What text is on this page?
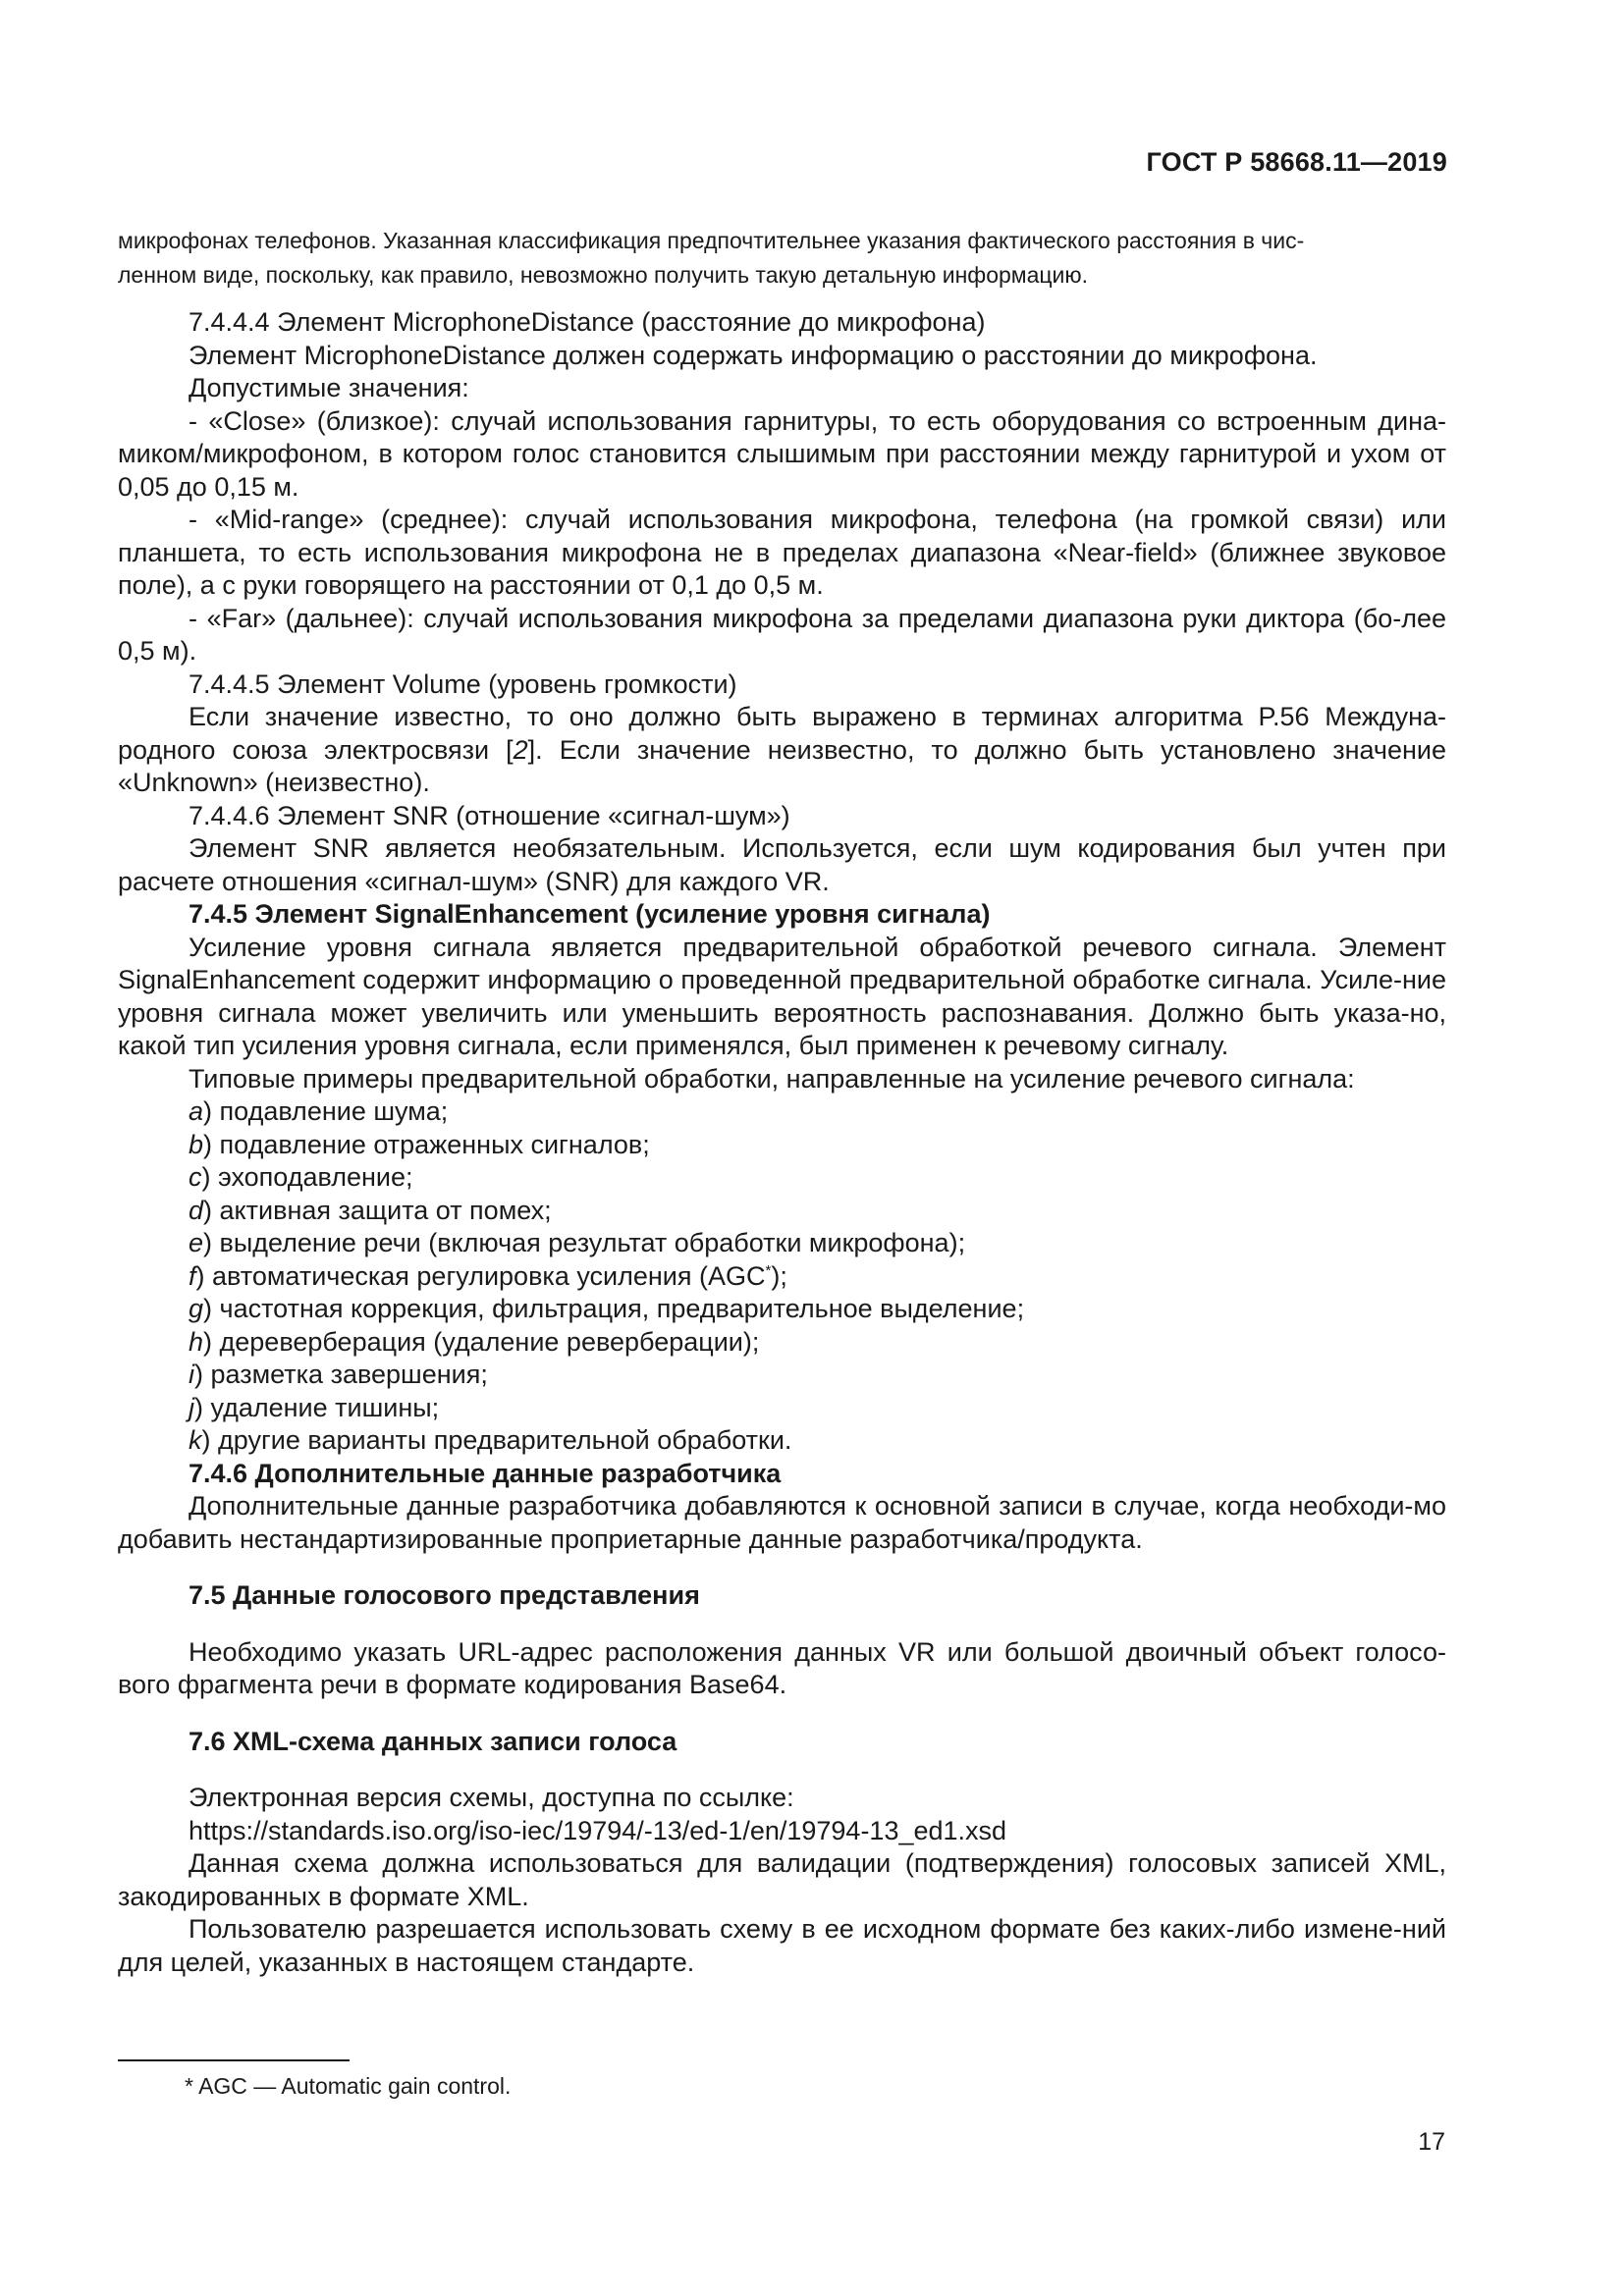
ГОСТ Р 58668.11—2019
микрофонах телефонов. Указанная классификация предпочтительнее указания фактического расстояния в чис-
ленном виде, поскольку, как правило, невозможно получить такую детальную информацию.

7.4.4.4 Элемент MicrophoneDistance (расстояние до микрофона)

Элемент MicrophoneDistance должен содержать информацию о расстоянии до микрофона.

Допустимые значения:

- «Close» (близкое): случай использования гарнитуры, то есть оборудования со встроенным дина-миком/микрофоном, в котором голос становится слышимым при расстоянии между гарнитурой и ухом от 0,05 до 0,15 м.

- «Mid-range» (среднее): случай использования микрофона, телефона (на громкой связи) или планшета, то есть использования микрофона не в пределах диапазона «Near-field» (ближнее звуковое поле), а с руки говорящего на расстоянии от 0,1 до 0,5 м.

- «Far» (дальнее): случай использования микрофона за пределами диапазона руки диктора (бо-лее 0,5 м).

7.4.4.5 Элемент Volume (уровень громкости)

Если значение известно, то оно должно быть выражено в терминах алгоритма P.56 Междуна-родного союза электросвязи [2]. Если значение неизвестно, то должно быть установлено значение «Unknown» (неизвестно).

7.4.4.6 Элемент SNR (отношение «сигнал-шум»)

Элемент SNR является необязательным. Используется, если шум кодирования был учтен при расчете отношения «сигнал-шум» (SNR) для каждого VR.

7.4.5 Элемент SignalEnhancement (усиление уровня сигнала)

Усиление уровня сигнала является предварительной обработкой речевого сигнала. Элемент SignalEnhancement содержит информацию о проведенной предварительной обработке сигнала. Усиле-ние уровня сигнала может увеличить или уменьшить вероятность распознавания. Должно быть указа-но, какой тип усиления уровня сигнала, если применялся, был применен к речевому сигналу.

Типовые примеры предварительной обработки, направленные на усиление речевого сигнала:

a) подавление шума;

b) подавление отраженных сигналов;

c) эхоподавление;

d) активная защита от помех;

e) выделение речи (включая результат обработки микрофона);

f) автоматическая регулировка усиления (AGC*);

g) частотная коррекция, фильтрация, предварительное выделение;

h) дереверберация (удаление реверберации);

i) разметка завершения;

j) удаление тишины;

k) другие варианты предварительной обработки.

7.4.6 Дополнительные данные разработчика

Дополнительные данные разработчика добавляются к основной записи в случае, когда необходи-мо добавить нестандартизированные проприетарные данные разработчика/продукта.

7.5 Данные голосового представления

Необходимо указать URL-адрес расположения данных VR или большой двоичный объект голосо-вого фрагмента речи в формате кодирования Base64.

7.6 XML-схема данных записи голоса

Электронная версия схемы, доступна по ссылке:

https://standards.iso.org/iso-iec/19794/-13/ed-1/en/19794-13_ed1.xsd

Данная схема должна использоваться для валидации (подтверждения) голосовых записей XML, закодированных в формате XML.

Пользователю разрешается использовать схему в ее исходном формате без каких-либо измене-ний для целей, указанных в настоящем стандарте.

* AGC — Automatic gain control.
17
